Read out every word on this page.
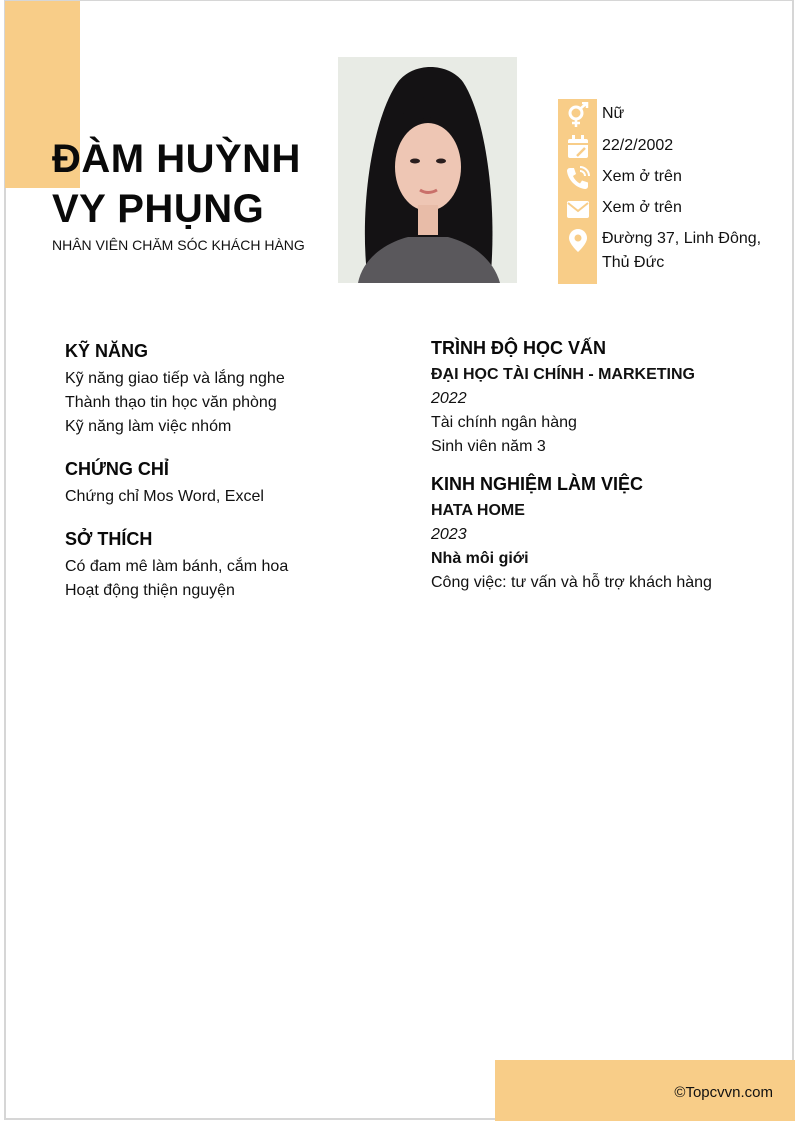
ĐÀM HUỲNH
VY PHỤNG
NHÂN VIÊN CHĂM SÓC KHÁCH HÀNG
Nữ
22/2/2002
Xem ở trên
Xem ở trên
Đường 37, Linh Đông, Thủ Đức
KỸ NĂNG
Kỹ năng giao tiếp và lắng nghe
Thành thạo tin học văn phòng
Kỹ năng làm việc nhóm
CHỨNG CHỈ
Chứng chỉ Mos Word, Excel
SỞ THÍCH
Có đam mê làm bánh, cắm hoa
Hoạt động thiện nguyện
TRÌNH ĐỘ HỌC VẤN
ĐẠI HỌC TÀI CHÍNH - MARKETING
2022
Tài chính ngân hàng
Sinh viên năm 3
KINH NGHIỆM LÀM VIỆC
HATA HOME
2023
Nhà môi giới
Công việc: tư vấn và hỗ trợ khách hàng
©Topcvvn.com
